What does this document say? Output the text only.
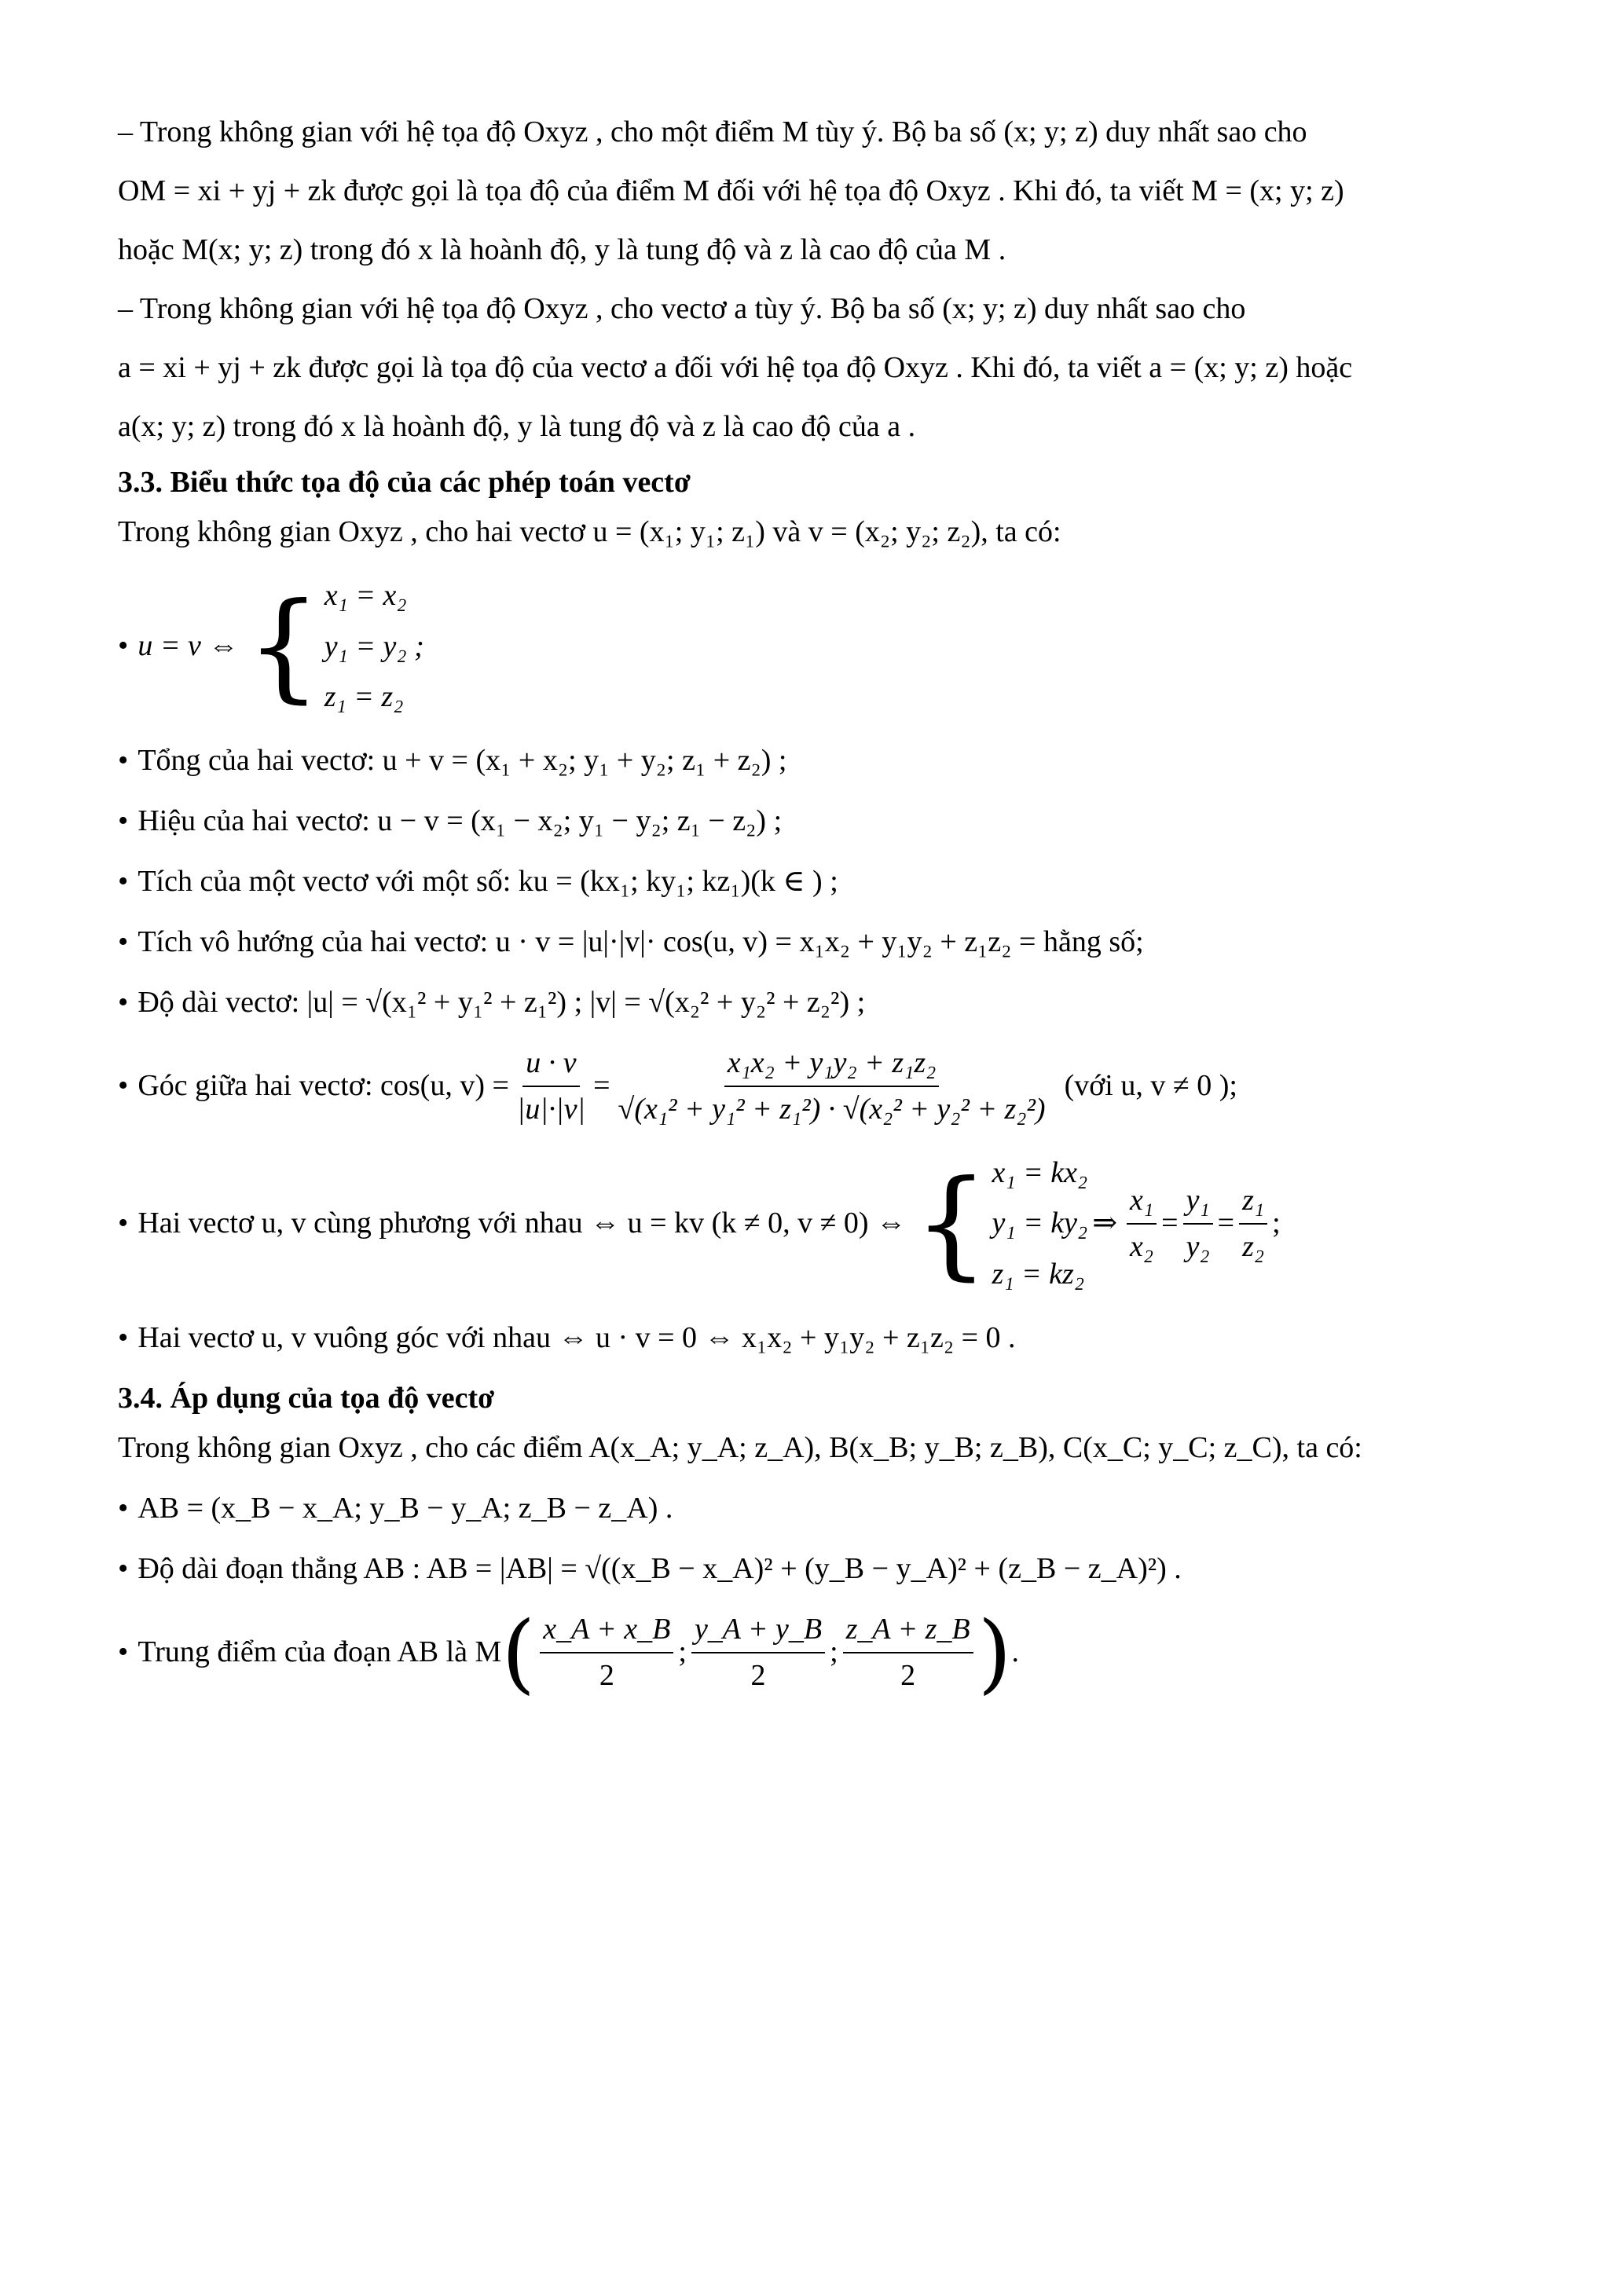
– Trong không gian với hệ tọa độ Oxyz , cho một điểm M tùy ý. Bộ ba số (x; y; z) duy nhất sao cho

OM = xi + yj + zk được gọi là tọa độ của điểm M đối với hệ tọa độ Oxyz . Khi đó, ta viết M = (x; y; z)

hoặc M(x; y; z) trong đó x là hoành độ, y là tung độ và z là cao độ của M .

– Trong không gian với hệ tọa độ Oxyz , cho vectơ a tùy ý. Bộ ba số (x; y; z) duy nhất sao cho

a = xi + yj + zk được gọi là tọa độ của vectơ a đối với hệ tọa độ Oxyz . Khi đó, ta viết a = (x; y; z) hoặc

a(x; y; z) trong đó x là hoành độ, y là tung độ và z là cao độ của a .

3.3. Biểu thức tọa độ của các phép toán vectơ

Trong không gian Oxyz , cho hai vectơ u = (x₁; y₁; z₁) và v = (x₂; y₂; z₂), ta có:

• u = v ⇔ { x₁ = x₂
y₁ = y₂ ;
z₁ = z₂
• Tổng của hai vectơ: u + v = (x₁ + x₂; y₁ + y₂; z₁ + z₂) ;
• Hiệu của hai vectơ: u − v = (x₁ − x₂; y₁ − y₂; z₁ − z₂) ;
• Tích của một vectơ với một số: ku = (kx₁; ky₁; kz₁)(k ∈ ) ;
• Tích vô hướng của hai vectơ: u · v = |u|·|v|· cos(u, v) = x₁x₂ + y₁y₂ + z₁z₂ = hằng số;
• Độ dài vectơ: |u| = √(x₁² + y₁² + z₁²) ; |v| = √(x₂² + y₂² + z₂²) ;
• Góc giữa hai vectơ: cos(u, $v) = \frac{u \cdot v}{|u|\cdot|v|} = \frac{\text{x₁x₂ + y₁y₂ + z₁z₂}}{\text{√(x₁² + y₁² + z₁²) · √(x₂² + y₂² + z₂²)}}$ (với u, v ≠ 0 );
• Hai vectơ u, v cùng phương với nhau ⇔ u = kv (k ≠ 0, v ≠ 0) ⇔ { x₁ = kx₂
y₁ = ky₂
z₁ = kz₂
⇒ $\frac{\text{x₁}}{\text{x₂}} = \frac{\text{y₁}}{\text{y₂}} = \frac{\text{z₁}}{\text{z₂}}$ ;
• Hai vectơ u, v vuông góc với nhau ⇔ u · v = 0 ⇔ x₁x₂ + y₁y₂ + z₁z₂ = 0 .

3.4. Áp dụng của tọa độ vectơ

Trong không gian Oxyz , cho các điểm A(x_A; y_A; z_A), B(x_B; y_B; z_B), C(x_C; y_C; z_C), ta có:

• AB = (x_B − x_A; y_B − y_A; z_B − z_A) .
• Độ dài đoạn thẳng AB : AB = |AB| = √((x_B − x_A)² + (y_B − y_A)² + (z_B − z_A)²) .
• Trung điểm của đoạn AB là M ( $\frac{x\_A + x\_B}{2}$ ; $\frac{y\_A + y\_B}{2}$ ; $\frac{z\_A + z\_B}{2}$ ) .
